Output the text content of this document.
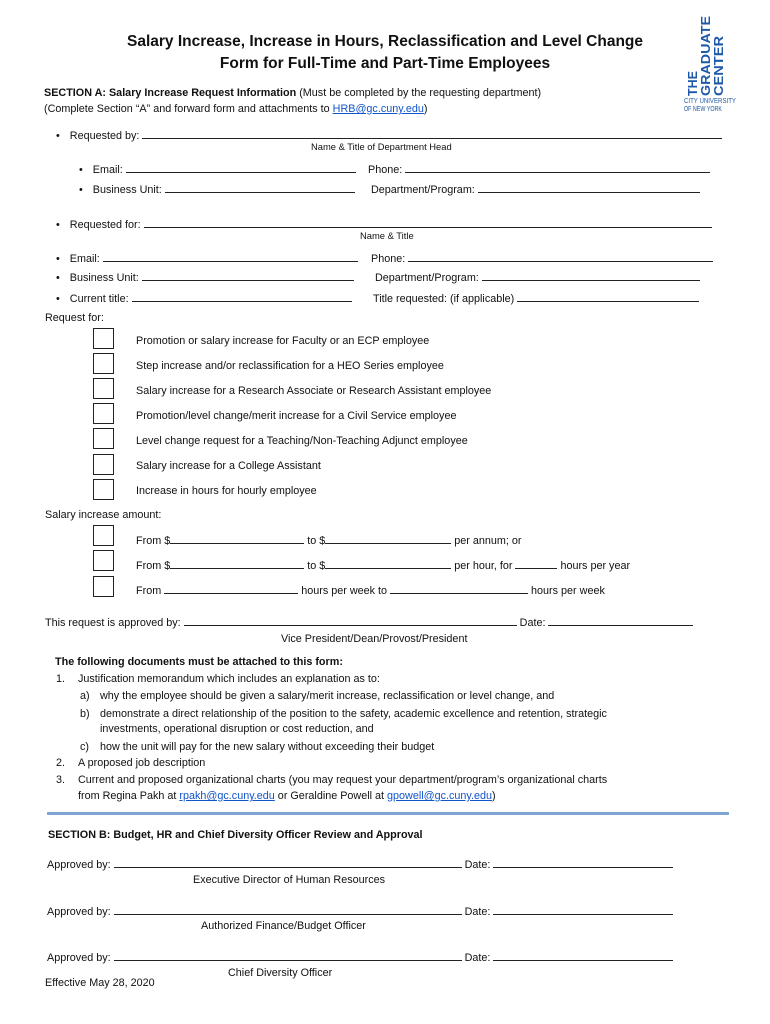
Salary Increase, Increase in Hours, Reclassification and Level Change
Form for Full-Time and Part-Time Employees
THE GRADUATE CENTER
CITY UNIVERSITY
OF NEW YORK
SECTION A: Salary Increase Request Information (Must be completed by the requesting department)
(Complete Section “A” and forward form and attachments to HRB@gc.cuny.edu)
• Requested by:
Name & Title of Department Head
• Email:	Phone:
• Business Unit:	Department/Program:
• Requested for:
Name & Title
• Email:	Phone:
• Business Unit:	Department/Program:
• Current title:	Title requested: (if applicable)
Request for:
Promotion or salary increase for Faculty or an ECP employee
Step increase and/or reclassification for a HEO Series employee
Salary increase for a Research Associate or Research Assistant employee
Promotion/level change/merit increase for a Civil Service employee
Level change request for a Teaching/Non-Teaching Adjunct employee
Salary increase for a College Assistant
Increase in hours for hourly employee
Salary increase amount:
From $	to $	per annum; or
From $	to $	per hour, for	hours per year
From	hours per week to	hours per week
This request is approved by:	Date:
Vice President/Dean/Provost/President
The following documents must be attached to this form:
1. Justification memorandum which includes an explanation as to:
a) why the employee should be given a salary/merit increase, reclassification or level change, and
b) demonstrate a direct relationship of the position to the safety, academic excellence and retention, strategic
investments, operational disruption or cost reduction, and
c) how the unit will pay for the new salary without exceeding their budget
2. A proposed job description
3. Current and proposed organizational charts (you may request your department/program’s organizational charts
from Regina Pakh at rpakh@gc.cuny.edu or Geraldine Powell at gpowell@gc.cuny.edu)
SECTION B: Budget, HR and Chief Diversity Officer Review and Approval
Approved by:	Date:
Executive Director of Human Resources
Approved by:	Date:
Authorized Finance/Budget Officer
Approved by:	Date:
Chief Diversity Officer
Effective May 28, 2020
